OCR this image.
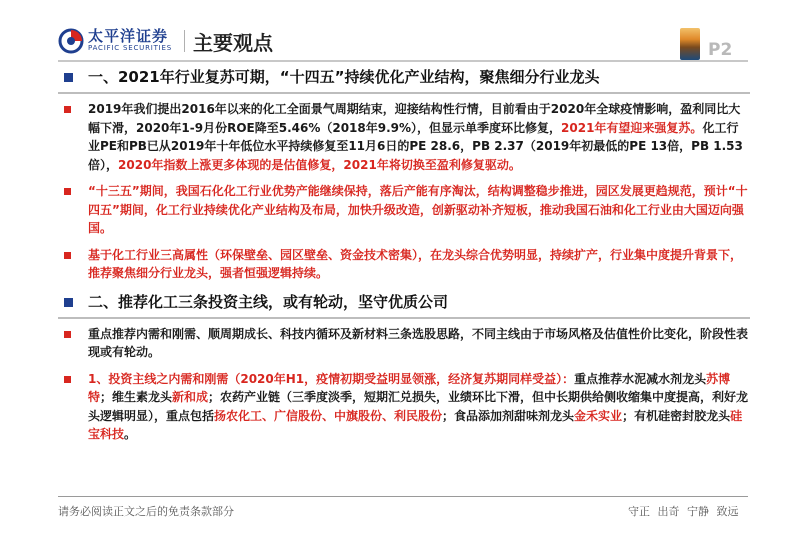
太平洋证券
PACIFIC SECURITIES 主要观点	P2
一、2021年行业复苏可期，“十四五”持续优化产业结构，聚焦细分行业龙头
2019年我们提出2016年以来的化工全面景气周期结束，迎接结构性行情，目前看由于2020年全球疫情影响，盈利同比大幅下滑，2020年1-9月份ROE降至5.46%（2018年9.9%），但显示单季度环比修复，2021年有望迎来强复苏。化工行业PE和PB已从2019年十年低位水平持续修复至11月6日的PE 28.6，PB 2.37（2019年初最低的PE 13倍，PB 1.53倍），2020年指数上涨更多体现的是估值修复，2021年将切换至盈利修复驱动。
“十三五”期间，我国石化化工行业优势产能继续保持，落后产能有序淘汰，结构调整稳步推进，园区发展更趋规范，预计“十四五”期间，化工行业持续优化产业结构及布局，加快升级改造，创新驱动补齐短板，推动我国石油和化工行业由大国迈向强国。
基于化工行业三高属性（环保壁垒、园区壁垒、资金技术密集），在龙头综合优势明显，持续扩产，行业集中度提升背景下，推荐聚焦细分行业龙头，强者恒强逻辑持续。
二、推荐化工三条投资主线，或有轮动，坚守优质公司
重点推荐内需和刚需、顺周期成长、科技内循环及新材料三条选股思路，不同主线由于市场风格及估值性价比变化，阶段性表现或有轮动。
1、投资主线之内需和刚需（2020年H1，疫情初期受益明显领涨，经济复苏期同样受益）：重点推荐水泥减水剂龙头苏博特；维生素龙头新和成；农药产业链（三季度淡季，短期汇兑损失，业绩环比下滑，但中长期供给侧收缩集中度提高，利好龙头逻辑明显），重点包括扬农化工、广信股份、中旗股份、利民股份；食品添加剂甜味剂龙头金禾实业；有机硅密封胶龙头硅宝科技。
请务必阅读正文之后的免责条款部分	守正 出奇 宁静 致远
